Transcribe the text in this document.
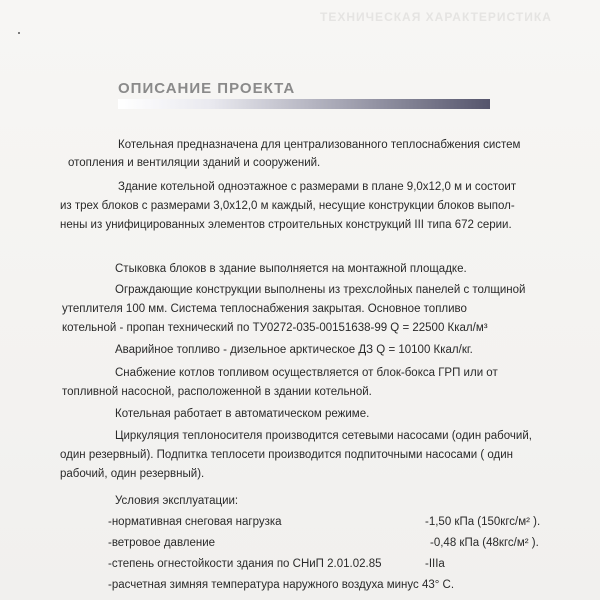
ТЕХНИЧЕСКАЯ ХАРАКТЕРИСТИКА
ОПИСАНИЕ ПРОЕКТА
Котельная предназначена для централизованного теплоснабжения систем
отопления и вентиляции зданий и сооружений.
Здание котельной одноэтажное с размерами в плане 9,0х12,0 м и состоит
из трех блоков с размерами 3,0х12,0 м каждый, несущие конструкции блоков выпол-
нены из унифицированных элементов строительных конструкций III типа 672 серии.
Стыковка блоков в здание выполняется на монтажной площадке.
Ограждающие конструкции выполнены из трехслойных панелей с толщиной
утеплителя 100 мм. Система теплоснабжения закрытая. Основное топливо
котельной - пропан технический по ТУ0272-035-00151638-99 Q = 22500 Ккал/м³
Аварийное топливо - дизельное арктическое ДЗ Q = 10100 Ккал/кг.
Снабжение котлов топливом осуществляется от блок-бокса ГРП или от
топливной насосной, расположенной в здании котельной.
Котельная работает в автоматическом режиме.
Циркуляция теплоносителя производится сетевыми насосами (один рабочий,
один резервный). Подпитка теплосети производится подпиточными насосами ( один
рабочий, один резервный).
Условия эксплуатации:
-нормативная снеговая нагрузка	-1,50 кПа (150кгс/м² ).
-ветровое давление	-0,48 кПа (48кгс/м² ).
-степень огнестойкости здания по СНиП 2.01.02.85	-IIIа
-расчетная зимняя температура наружного воздуха минус 43° С.
